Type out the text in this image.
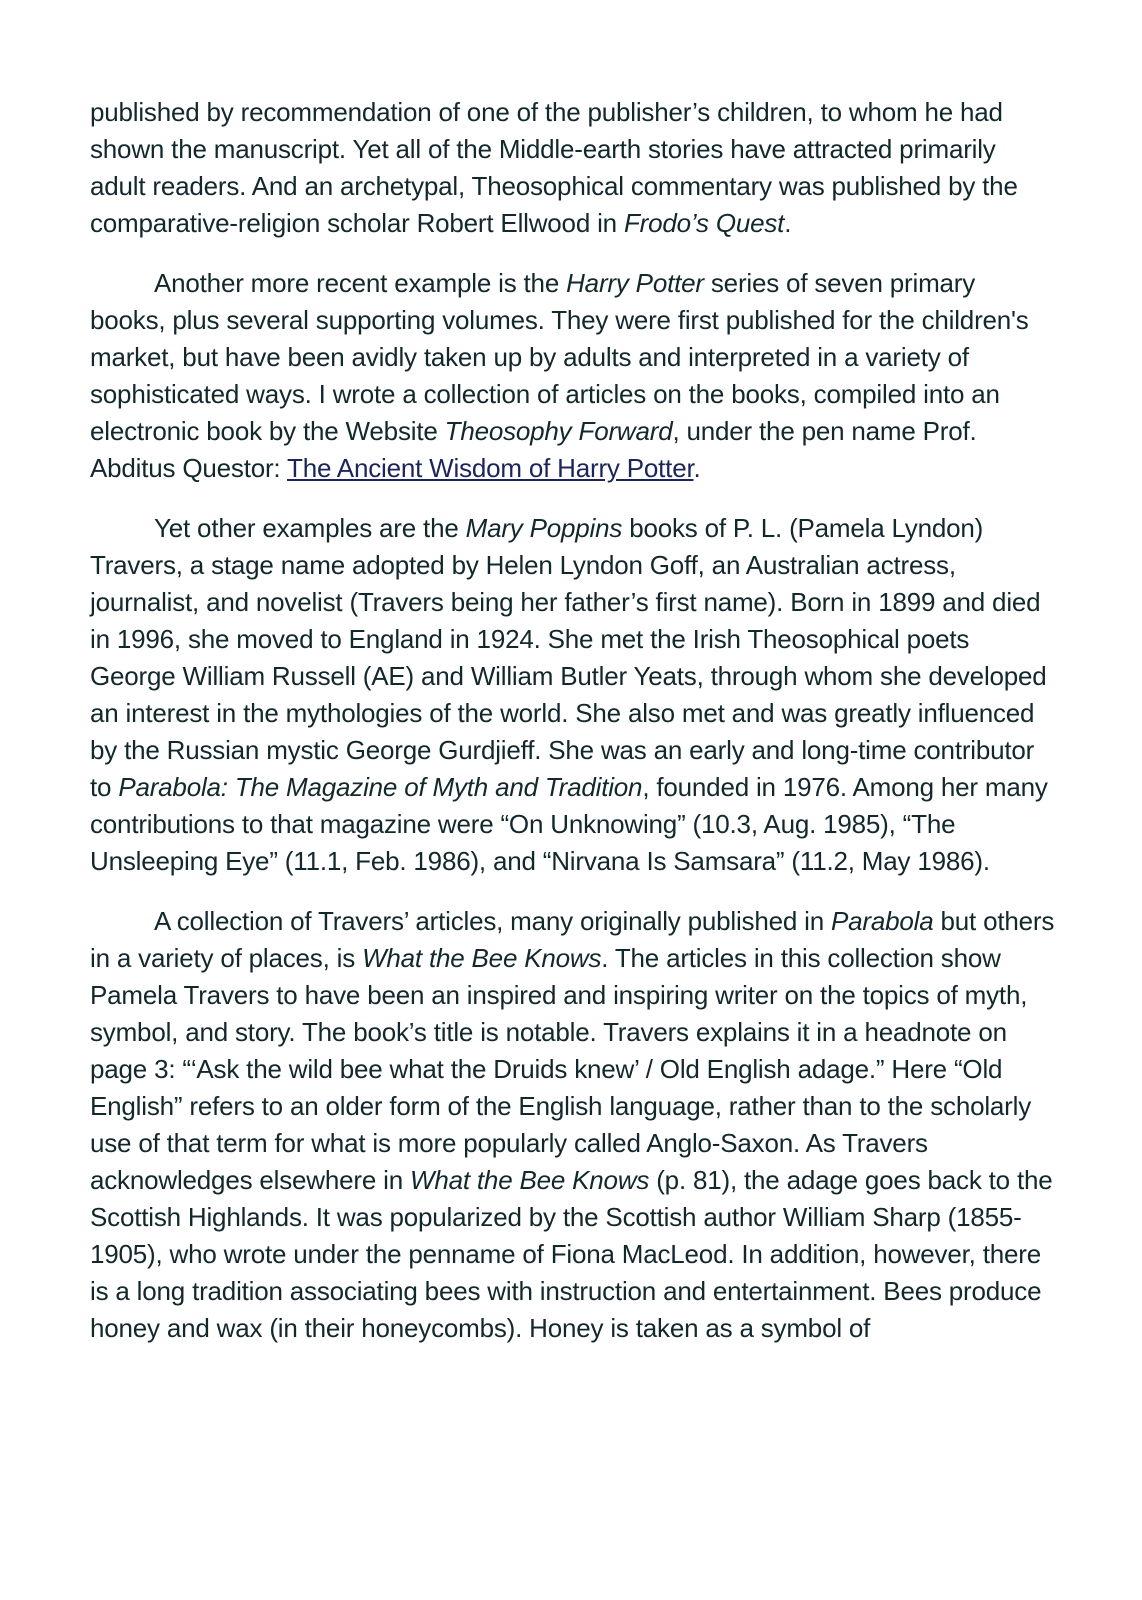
published by recommendation of one of the publisher’s children, to whom he had shown the manuscript. Yet all of the Middle-earth stories have attracted primarily adult readers. And an archetypal, Theosophical commentary was published by the comparative-religion scholar Robert Ellwood in Frodo’s Quest.

Another more recent example is the Harry Potter series of seven primary books, plus several supporting volumes. They were first published for the children's market, but have been avidly taken up by adults and interpreted in a variety of sophisticated ways. I wrote a collection of articles on the books, compiled into an electronic book by the Website Theosophy Forward, under the pen name Prof. Abditus Questor: The Ancient Wisdom of Harry Potter.

Yet other examples are the Mary Poppins books of P. L. (Pamela Lyndon) Travers, a stage name adopted by Helen Lyndon Goff, an Australian actress, journalist, and novelist (Travers being her father’s first name). Born in 1899 and died in 1996, she moved to England in 1924. She met the Irish Theosophical poets George William Russell (AE) and William Butler Yeats, through whom she developed an interest in the mythologies of the world. She also met and was greatly influenced by the Russian mystic George Gurdjieff. She was an early and long-time contributor to Parabola: The Magazine of Myth and Tradition, founded in 1976. Among her many contributions to that magazine were “On Unknowing” (10.3, Aug. 1985), “The Unsleeping Eye” (11.1, Feb. 1986), and “Nirvana Is Samsara” (11.2, May 1986).

A collection of Travers’ articles, many originally published in Parabola but others in a variety of places, is What the Bee Knows. The articles in this collection show Pamela Travers to have been an inspired and inspiring writer on the topics of myth, symbol, and story. The book’s title is notable. Travers explains it in a headnote on page 3: “‘Ask the wild bee what the Druids knew’ / Old English adage.” Here “Old English” refers to an older form of the English language, rather than to the scholarly use of that term for what is more popularly called Anglo-Saxon. As Travers acknowledges elsewhere in What the Bee Knows (p. 81), the adage goes back to the Scottish Highlands. It was popularized by the Scottish author William Sharp (1855-1905), who wrote under the penname of Fiona MacLeod. In addition, however, there is a long tradition associating bees with instruction and entertainment. Bees produce honey and wax (in their honeycombs). Honey is taken as a symbol of
